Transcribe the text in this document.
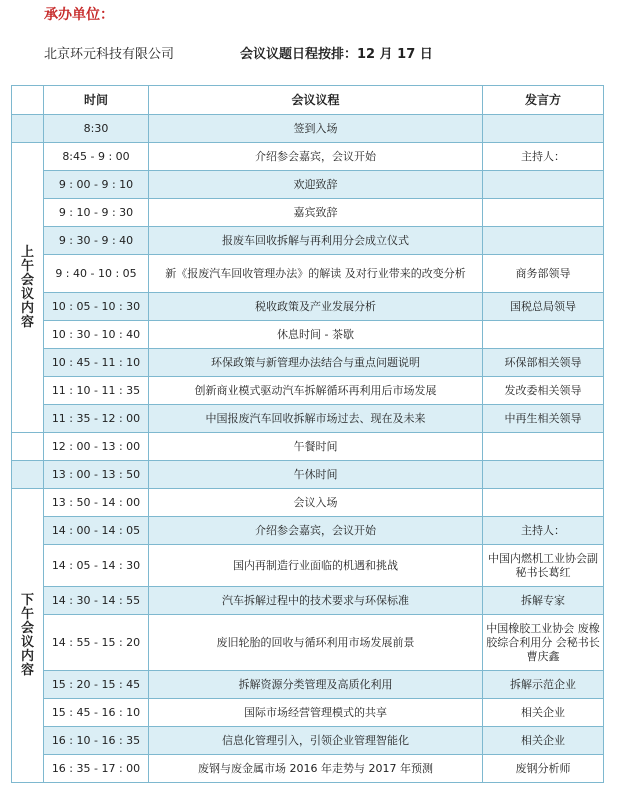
承办单位：
北京环元科技有限公司	会议议题日程按排：12 月 17 日
	时间	会议议程	发言方
	8:30	签到入场	
上午会议内容	8:45 - 9 : 00	介绍参会嘉宾，会议开始	主持人：
	9 : 00 - 9 : 10	欢迎致辞	
	9 : 10 - 9 : 30	嘉宾致辞	
	9 : 30 - 9 : 40	报废车回收拆解与再利用分会成立仪式	
	9 : 40 - 10 : 05	新《报废汽车回收管理办法》的解读 及对行业带来的改变分析	商务部领导
	10 : 05 - 10 : 30	税收政策及产业发展分析	国税总局领导
	10 : 30 - 10 : 40	休息时间 - 茶歇	
	10 : 45 - 11 : 10	环保政策与新管理办法结合与重点问题说明	环保部相关领导
	11 : 10 - 11 : 35	创新商业模式驱动汽车拆解循环再利用后市场发展	发改委相关领导
	11 : 35 - 12 : 00	中国报废汽车回收拆解市场过去、现在及未来	中再生相关领导
	12 : 00 - 13 : 00	午餐时间	
	13 : 00 - 13 : 50	午休时间	
下午会议内容	13 : 50 - 14 : 00	会议入场	
	14 : 00 - 14 : 05	介绍参会嘉宾，会议开始	主持人：
	14 : 05 - 14 : 30	国内再制造行业面临的机遇和挑战	中国内燃机工业协会副秘书长葛红
	14 : 30 - 14 : 55	汽车拆解过程中的技术要求与环保标准	拆解专家
	14 : 55 - 15 : 20	废旧轮胎的回收与循环利用市场发展前景	中国橡胶工业协会 废橡胶综合利用分 会秘书长曹庆鑫
	15 : 20 - 15 : 45	拆解资源分类管理及高质化利用	拆解示范企业
	15 : 45 - 16 : 10	国际市场经营管理模式的共享	相关企业
	16 : 10 - 16 : 35	信息化管理引入，引领企业管理智能化	相关企业
	16 : 35 - 17 : 00	废钢与废金属市场 2016 年走势与 2017 年预测	废钢分析师
